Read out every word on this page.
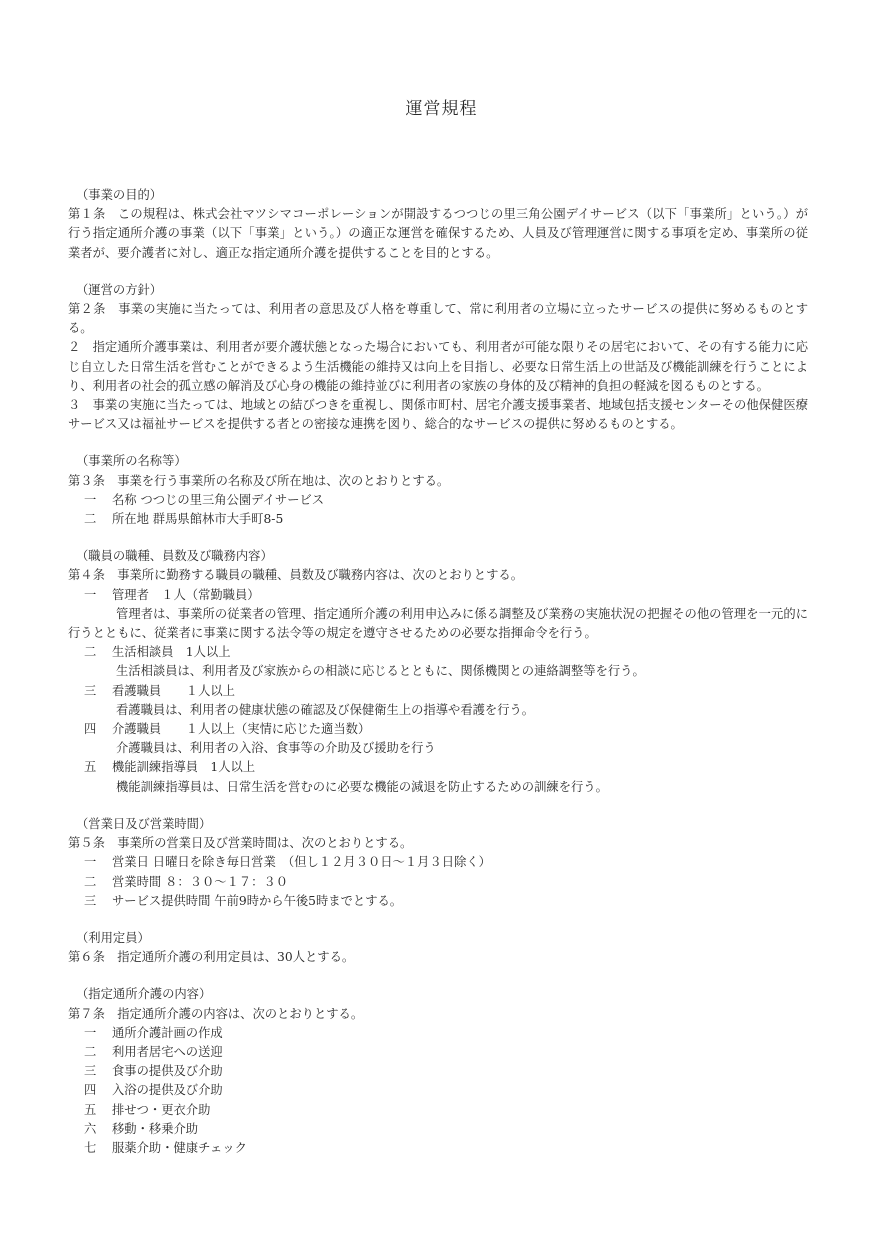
運営規程
（事業の目的）
第１条　この規程は、株式会社マツシマコーポレーションが開設するつつじの里三角公園デイサービス（以下「事業所」という。）が行う指定通所介護の事業（以下「事業」という。）の適正な運営を確保するため、人員及び管理運営に関する事項を定め、事業所の従業者が、要介護者に対し、適正な指定通所介護を提供することを目的とする。
（運営の方針）
第２条　事業の実施に当たっては、利用者の意思及び人格を尊重して、常に利用者の立場に立ったサービスの提供に努めるものとする。
２　指定通所介護事業は、利用者が要介護状態となった場合においても、利用者が可能な限りその居宅において、その有する能力に応じ自立した日常生活を営むことができるよう生活機能の維持又は向上を目指し、必要な日常生活上の世話及び機能訓練を行うことにより、利用者の社会的孤立感の解消及び心身の機能の維持並びに利用者の家族の身体的及び精神的負担の軽減を図るものとする。
３　事業の実施に当たっては、地域との結びつきを重視し、関係市町村、居宅介護支援事業者、地域包括支援センターその他保健医療サービス又は福祉サービスを提供する者との密接な連携を図り、総合的なサービスの提供に努めるものとする。
（事業所の名称等）
第３条　事業を行う事業所の名称及び所在地は、次のとおりとする。
一 名称 つつじの里三角公園デイサービス
二 所在地 群馬県館林市大手町8-5
（職員の職種、員数及び職務内容）
第４条　事業所に勤務する職員の職種、員数及び職務内容は、次のとおりとする。
一 管理者　１人（常勤職員）
管理者は、事業所の従業者の管理、指定通所介護の利用申込みに係る調整及び業務の実施状況の把握その他の管理を一元的に行うとともに、従業者に事業に関する法令等の規定を遵守させるための必要な指揮命令を行う。
二 生活相談員　1人以上
生活相談員は、利用者及び家族からの相談に応じるとともに、関係機関との連絡調整等を行う。
三 看護職員　　１人以上
看護職員は、利用者の健康状態の確認及び保健衛生上の指導や看護を行う。
四 介護職員　　１人以上（実情に応じた適当数）
介護職員は、利用者の入浴、食事等の介助及び援助を行う
五 機能訓練指導員　1人以上
機能訓練指導員は、日常生活を営むのに必要な機能の減退を防止するための訓練を行う。
（営業日及び営業時間）
第５条　事業所の営業日及び営業時間は、次のとおりとする。
一 営業日 日曜日を除き毎日営業　（但し１２月３０日～１月３日除く）
二 営業時間 ８：３０～１７：３０
三 サービス提供時間 午前9時から午後5時までとする。
（利用定員）
第６条　指定通所介護の利用定員は、30人とする。
（指定通所介護の内容）
第７条　指定通所介護の内容は、次のとおりとする。
一 通所介護計画の作成
二 利用者居宅への送迎
三 食事の提供及び介助
四 入浴の提供及び介助
五 排せつ・更衣介助
六 移動・移乗介助
七 服薬介助・健康チェック
